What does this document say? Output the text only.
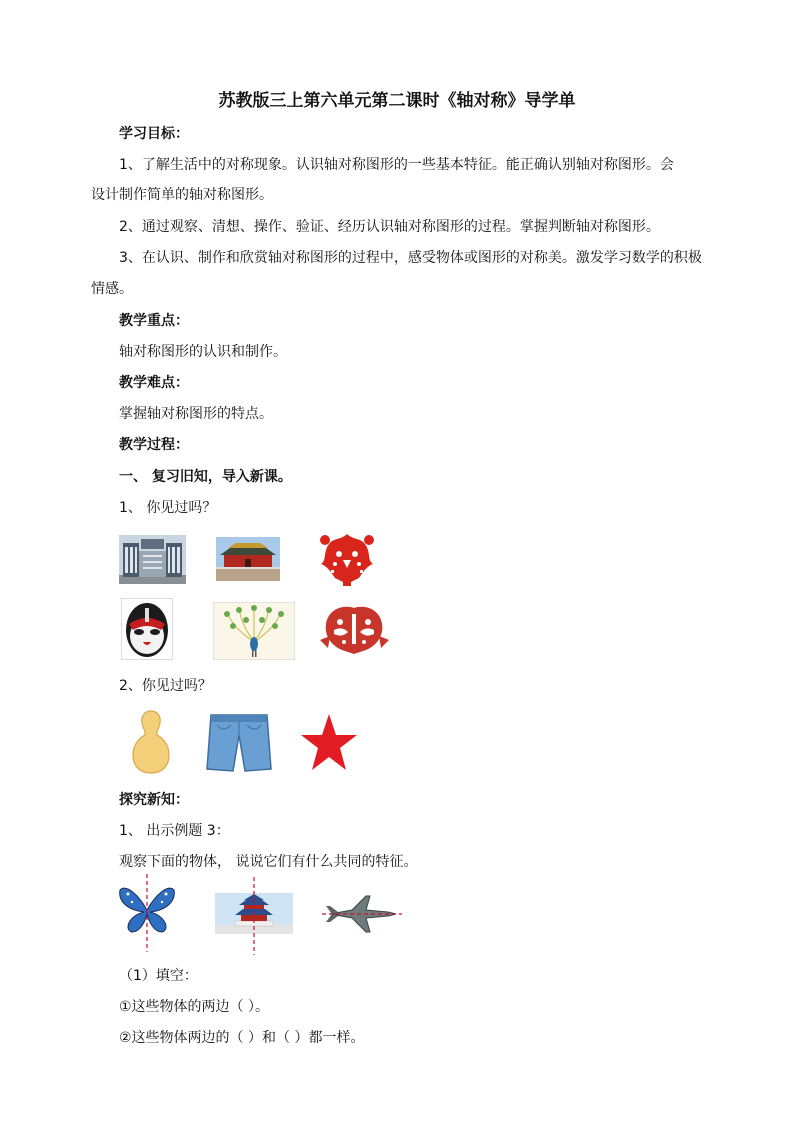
苏教版三上第六单元第二课时《轴对称》导学单
学习目标：
1、了解生活中的对称现象。认识轴对称图形的一些基本特征。能正确认别轴对称图形。会
设计制作简单的轴对称图形。
2、通过观察、清想、操作、验证、经历认识轴对称图形的过程。掌握判断轴对称图形。
3、在认识、制作和欣赏轴对称图形的过程中，感受物体或图形的对称美。激发学习数学的积极
情感。
教学重点：
轴对称图形的认识和制作。
教学难点：
掌握轴对称图形的特点。
教学过程：
一、 复习旧知，导入新课。
1、 你见过吗？
2、你见过吗？
探究新知：
1、 出示例题 3：
观察下面的物体， 说说它们有什么共同的特征。
（1）填空：
①这些物体的两边（ ）。
②这些物体两边的（ ）和（ ）都一样。
